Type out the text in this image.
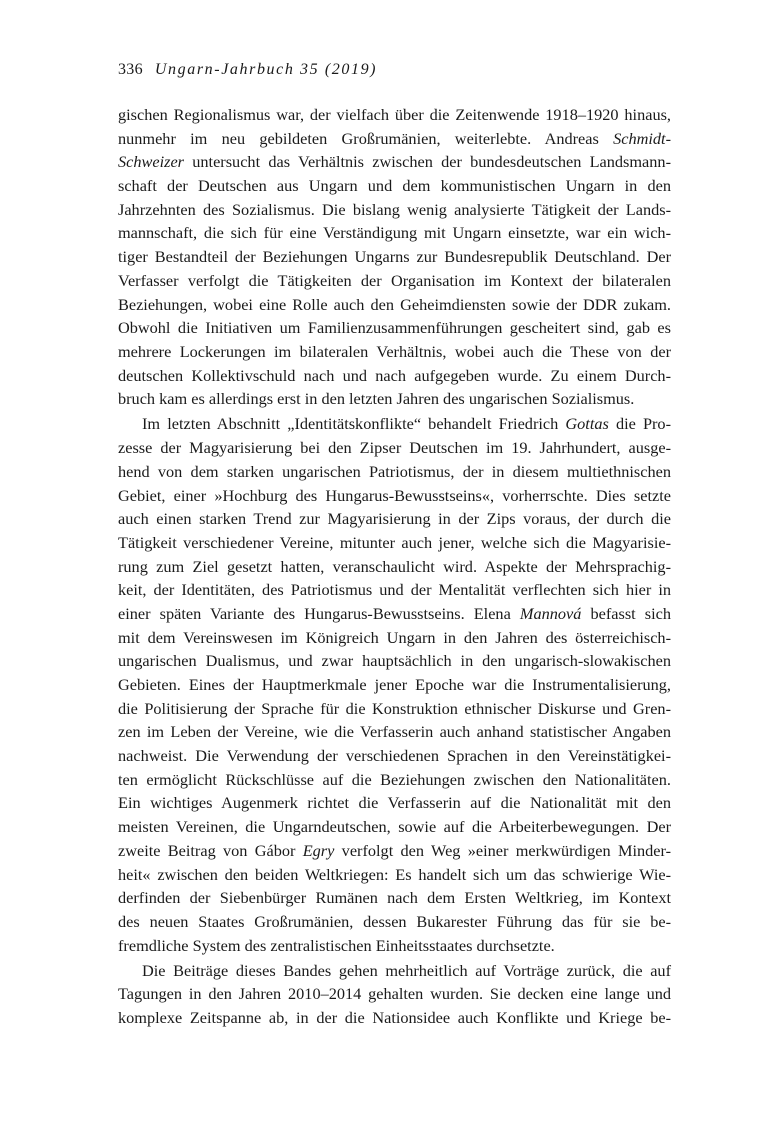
336 Ungarn-Jahrbuch 35 (2019)
gischen Regionalismus war, der vielfach über die Zeitenwende 1918–1920 hinaus,
nunmehr im neu gebildeten Großrumänien, weiterlebte. Andreas Schmidt-
Schweizer untersucht das Verhältnis zwischen der bundesdeutschen Landsmann-
schaft der Deutschen aus Ungarn und dem kommunistischen Ungarn in den
Jahrzehnten des Sozialismus. Die bislang wenig analysierte Tätigkeit der Lands-
mannschaft, die sich für eine Verständigung mit Ungarn einsetzte, war ein wich-
tiger Bestandteil der Beziehungen Ungarns zur Bundesrepublik Deutschland. Der
Verfasser verfolgt die Tätigkeiten der Organisation im Kontext der bilateralen
Beziehungen, wobei eine Rolle auch den Geheimdiensten sowie der DDR zukam.
Obwohl die Initiativen um Familienzusammenführungen gescheitert sind, gab es
mehrere Lockerungen im bilateralen Verhältnis, wobei auch die These von der
deutschen Kollektivschuld nach und nach aufgegeben wurde. Zu einem Durch-
bruch kam es allerdings erst in den letzten Jahren des ungarischen Sozialismus.
Im letzten Abschnitt „Identitätskonflikte“ behandelt Friedrich Gottas die Pro-
zesse der Magyarisierung bei den Zipser Deutschen im 19. Jahrhundert, ausge-
hend von dem starken ungarischen Patriotismus, der in diesem multiethnischen
Gebiet, einer »Hochburg des Hungarus-Bewusstseins«, vorherrschte. Dies setzte
auch einen starken Trend zur Magyarisierung in der Zips voraus, der durch die
Tätigkeit verschiedener Vereine, mitunter auch jener, welche sich die Magyarisie-
rung zum Ziel gesetzt hatten, veranschaulicht wird. Aspekte der Mehrsprachig-
keit, der Identitäten, des Patriotismus und der Mentalität verflechten sich hier in
einer späten Variante des Hungarus-Bewusstseins. Elena Mannová befasst sich
mit dem Vereinswesen im Königreich Ungarn in den Jahren des österreichisch-
ungarischen Dualismus, und zwar hauptsächlich in den ungarisch-slowakischen
Gebieten. Eines der Hauptmerkmale jener Epoche war die Instrumentalisierung,
die Politisierung der Sprache für die Konstruktion ethnischer Diskurse und Gren-
zen im Leben der Vereine, wie die Verfasserin auch anhand statistischer Angaben
nachweist. Die Verwendung der verschiedenen Sprachen in den Vereinstätigkei-
ten ermöglicht Rückschlüsse auf die Beziehungen zwischen den Nationalitäten.
Ein wichtiges Augenmerk richtet die Verfasserin auf die Nationalität mit den
meisten Vereinen, die Ungarndeutschen, sowie auf die Arbeiterbewegungen. Der
zweite Beitrag von Gábor Egry verfolgt den Weg »einer merkwürdigen Minder-
heit« zwischen den beiden Weltkriegen: Es handelt sich um das schwierige Wie-
derfinden der Siebenbürger Rumänen nach dem Ersten Weltkrieg, im Kontext
des neuen Staates Großrumänien, dessen Bukarester Führung das für sie be-
fremdliche System des zentralistischen Einheitsstaates durchsetzte.
Die Beiträge dieses Bandes gehen mehrheitlich auf Vorträge zurück, die auf
Tagungen in den Jahren 2010–2014 gehalten wurden. Sie decken eine lange und
komplexe Zeitspanne ab, in der die Nationsidee auch Konflikte und Kriege be-
